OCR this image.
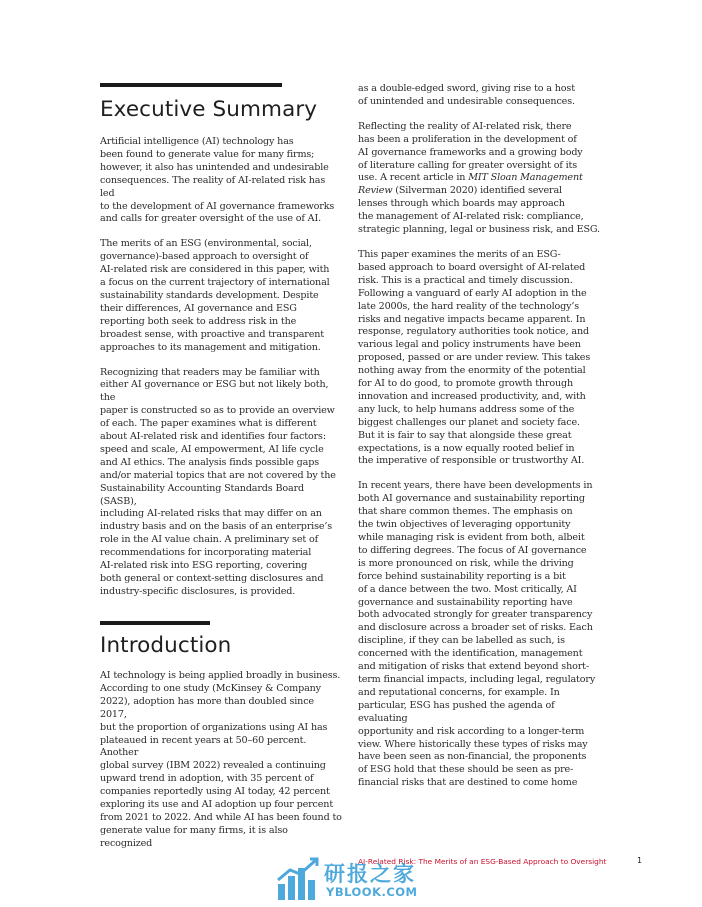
Executive Summary

Artificial intelligence (AI) technology has
been found to generate value for many firms;
however, it also has unintended and undesirable
consequences. The reality of AI-related risk has led
to the development of AI governance frameworks
and calls for greater oversight of the use of AI.

The merits of an ESG (environmental, social,
governance)-based approach to oversight of
AI-related risk are considered in this paper, with
a focus on the current trajectory of international
sustainability standards development. Despite
their differences, AI governance and ESG
reporting both seek to address risk in the
broadest sense, with proactive and transparent
approaches to its management and mitigation.

Recognizing that readers may be familiar with
either AI governance or ESG but not likely both, the
paper is constructed so as to provide an overview
of each. The paper examines what is different
about AI-related risk and identifies four factors:
speed and scale, AI empowerment, AI life cycle
and AI ethics. The analysis finds possible gaps
and/or material topics that are not covered by the
Sustainability Accounting Standards Board (SASB),
including AI-related risks that may differ on an
industry basis and on the basis of an enterprise’s
role in the AI value chain. A preliminary set of
recommendations for incorporating material
AI-related risk into ESG reporting, covering
both general or context-setting disclosures and
industry-specific disclosures, is provided.

Introduction

AI technology is being applied broadly in business.
According to one study (McKinsey & Company
2022), adoption has more than doubled since 2017,
but the proportion of organizations using AI has
plateaued in recent years at 50–60 percent. Another
global survey (IBM 2022) revealed a continuing
upward trend in adoption, with 35 percent of
companies reportedly using AI today, 42 percent
exploring its use and AI adoption up four percent
from 2021 to 2022. And while AI has been found to
generate value for many firms, it is also recognized

as a double-edged sword, giving rise to a host
of unintended and undesirable consequences.

Reflecting the reality of AI-related risk, there
has been a proliferation in the development of
AI governance frameworks and a growing body
of literature calling for greater oversight of its
use. A recent article in MIT Sloan Management
Review (Silverman 2020) identified several
lenses through which boards may approach
the management of AI-related risk: compliance,
strategic planning, legal or business risk, and ESG.

This paper examines the merits of an ESG-
based approach to board oversight of AI-related
risk. This is a practical and timely discussion.
Following a vanguard of early AI adoption in the
late 2000s, the hard reality of the technology’s
risks and negative impacts became apparent. In
response, regulatory authorities took notice, and
various legal and policy instruments have been
proposed, passed or are under review. This takes
nothing away from the enormity of the potential
for AI to do good, to promote growth through
innovation and increased productivity, and, with
any luck, to help humans address some of the
biggest challenges our planet and society face.
But it is fair to say that alongside these great
expectations, is a now equally rooted belief in
the imperative of responsible or trustworthy AI.

In recent years, there have been developments in
both AI governance and sustainability reporting
that share common themes. The emphasis on
the twin objectives of leveraging opportunity
while managing risk is evident from both, albeit
to differing degrees. The focus of AI governance
is more pronounced on risk, while the driving
force behind sustainability reporting is a bit
of a dance between the two. Most critically, AI
governance and sustainability reporting have
both advocated strongly for greater transparency
and disclosure across a broader set of risks. Each
discipline, if they can be labelled as such, is
concerned with the identification, management
and mitigation of risks that extend beyond short-
term financial impacts, including legal, regulatory
and reputational concerns, for example. In
particular, ESG has pushed the agenda of evaluating
opportunity and risk according to a longer-term
view. Where historically these types of risks may
have been seen as non-financial, the proponents
of ESG hold that these should be seen as pre-
financial risks that are destined to come home

AI-Related Risk: The Merits of an ESG-Based Approach to Oversight	1
研报之家
YBLOOK.COM
